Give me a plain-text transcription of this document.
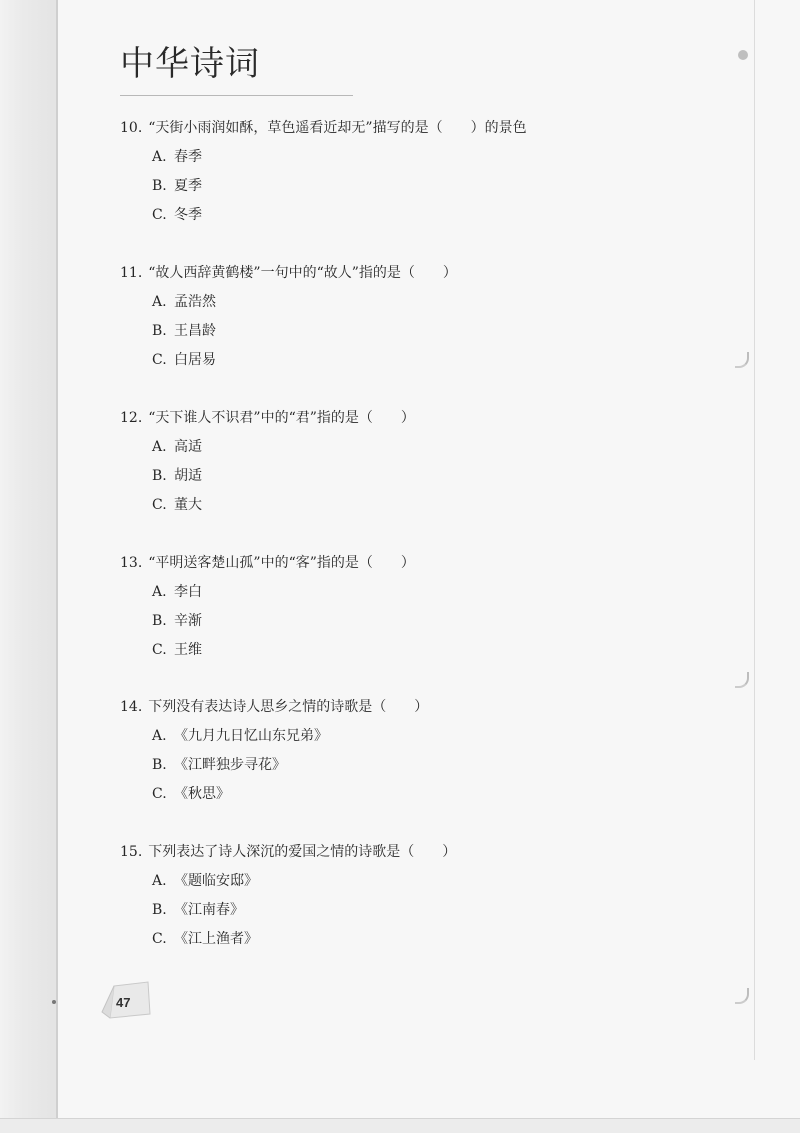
中华诗词
10. “天街小雨润如酥，草色遥看近却无”描写的是（　　）的景色
A. 春季
B. 夏季
C. 冬季
11. “故人西辞黄鹤楼”一句中的“故人”指的是（　　）
A. 孟浩然
B. 王昌龄
C. 白居易
12. “天下谁人不识君”中的“君”指的是（　　）
A. 高适
B. 胡适
C. 董大
13. “平明送客楚山孤”中的“客”指的是（　　）
A. 李白
B. 辛渐
C. 王维
14. 下列没有表达诗人思乡之情的诗歌是（　　）
A. 《九月九日忆山东兄弟》
B. 《江畔独步寻花》
C. 《秋思》
15. 下列表达了诗人深沉的爱国之情的诗歌是（　　）
A. 《题临安邸》
B. 《江南春》
C. 《江上渔者》
47
